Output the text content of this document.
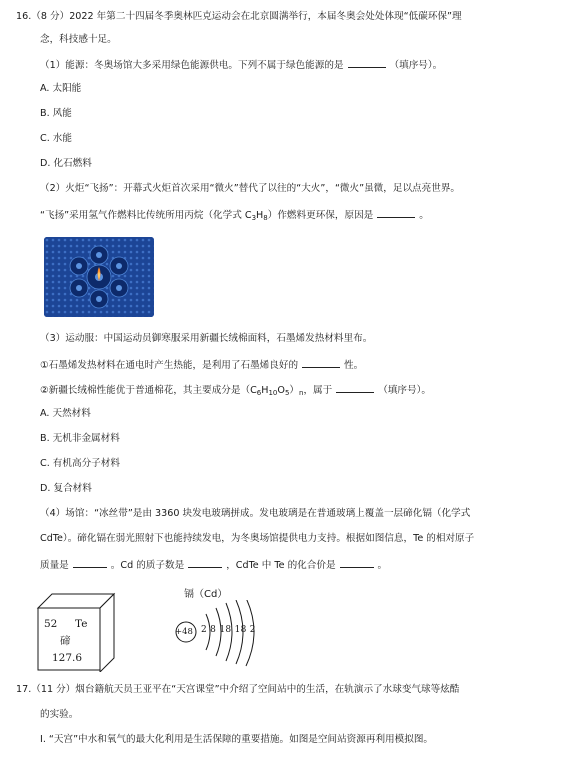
16.（8 分）2022 年第二十四届冬季奥林匹克运动会在北京圆满举行，本届冬奥会处处体现“低碳环保”理
念，科技感十足。
（1）能源：冬奥场馆大多采用绿色能源供电。下列不属于绿色能源的是	（填序号）。
A. 太阳能
B. 风能
C. 水能
D. 化石燃料
（2）火炬“飞扬”：开幕式火炬首次采用“微火”替代了以往的“大火”，“微火”虽微，足以点亮世界。
“飞扬”采用氢气作燃料比传统所用丙烷（化学式 $C_3H_8$）作燃料更环保，原因是	。
（3）运动服：中国运动员御寒服采用新疆长绒棉面料，石墨烯发热材料里布。
①石墨烯发热材料在通电时产生热能，是利用了石墨烯良好的	性。
②新疆长绒棉性能优于普通棉花，其主要成分是$(C_6H_{10}O_5)_n$，属于	（填序号）。
A. 天然材料
B. 无机非金属材料
C. 有机高分子材料
D. 复合材料
（4）场馆：“冰丝带”是由 3360 块发电玻璃拼成。发电玻璃是在普通玻璃上覆盖一层碲化镉（化学式
CdTe）。碲化镉在弱光照射下也能持续发电，为冬奥场馆提供电力支持。根据如图信息，Te 的相对原子
质量是	。Cd 的质子数是	，CdTe 中 Te 的化合价是	。
52 Te
碲
127.6
镉（Cd）
+48 2 8 18 18 2
17.（11 分）烟台籍航天员王亚平在“天宫课堂”中介绍了空间站中的生活，在轨演示了水球变气球等炫酷
的实验。
Ⅰ. “天宫”中水和氧气的最大化利用是生活保障的重要措施。如图是空间站资源再利用模拟图。
